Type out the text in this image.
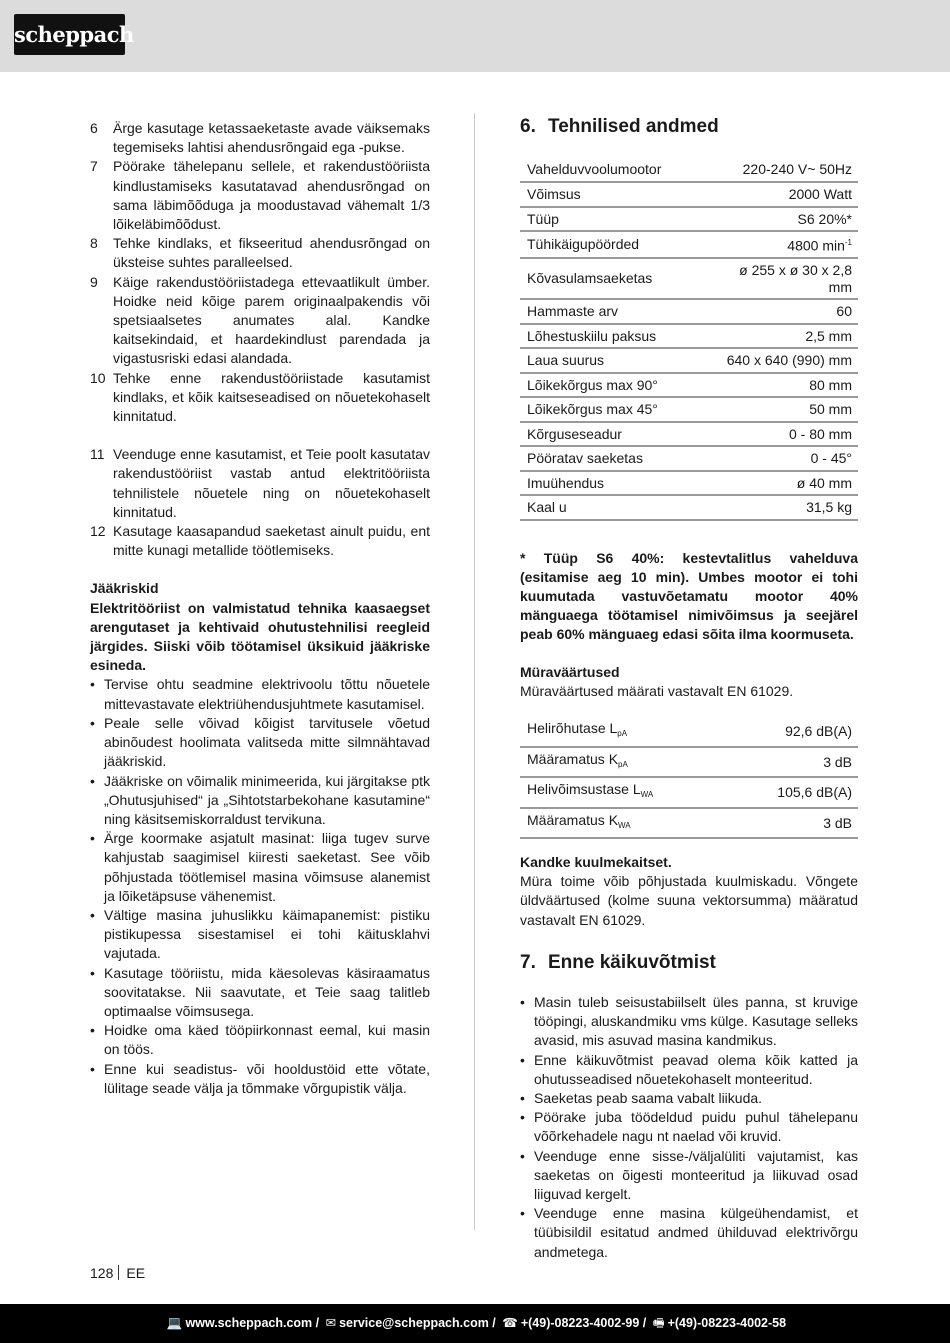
scheppach
6	Ärge kasutage ketassaeketaste avade väiksemaks tegemiseks lahtisi ahendusrõngaid ega -pukse.
7	Pöörake tähelepanu sellele, et rakendustööriista kindlustamiseks kasutatavad ahendusrõngad on sama läbimõõduga ja moodustavad vähemalt 1/3 lõikeläbimõõdust.
8	Tehke kindlaks, et fikseeritud ahendusrõngad on üksteise suhtes paralleelsed.
9	Käige rakendustööriistadega ettevaatlikult ümber. Hoidke neid kõige parem originaalpakendis või spetsiaalsetes anumates alal. Kandke kaitsekindaid, et haardekindlust parendada ja vigastusriski edasi alandada.
10 Tehke enne rakendustööriistade kasutamist kindlaks, et kõik kaitseseadised on nõuetekohaselt kinnitatud.
11 Veenduge enne kasutamist, et Teie poolt kasutatav rakendustööriist vastab antud elektritööriista tehnilistele nõuetele ning on nõuetekohaselt kinnitatud.
12 Kasutage kaasapandud saeketast ainult puidu, ent mitte kunagi metallide töötlemiseks.
Jääkriskid
Elektritööriist on valmistatud tehnika kaasaegset arengutaset ja kehtivaid ohutustehnilisi reegleid järgides. Siiski võib töötamisel üksikuid jääkriske esineda.
• Tervise ohtu seadmine elektrivoolu tõttu nõuetele mittevastavate elektriühendusjuhtmete kasutamisel.
• Peale selle võivad kõigist tarvitusele võetud abinõudest hoolimata valitseda mitte silmnähtavad jääkriskid.
• Jääkriske on võimalik minimeerida, kui järgitakse ptk „Ohutusjuhised“ ja „Sihtotstarbekohane kasutamine“ ning käsitsemiskorraldust tervikuna.
• Ärge koormake asjatult masinat: liiga tugev surve kahjustab saagimisel kiiresti saeketast. See võib põhjustada töötlemisel masina võimsuse alanemist ja lõiketäpsuse vähenemist.
• Vältige masina juhuslikku käimapanemist: pistiku pistikupessa sisestamisel ei tohi käitusklahvi vajutada.
• Kasutage tööriistu, mida käesolevas käsiraamatus soovitatakse. Nii saavutate, et Teie saag talitleb optimaalse võimsusega.
• Hoidke oma käed tööpiirkonnast eemal, kui masin on töös.
• Enne kui seadistus- või hooldustöid ette võtate, lülitage seade välja ja tõmmake võrgupistik välja.
6. Tehnilised andmed
Vahelduvvoolumootor	220-240 V~ 50Hz
Võimsus	2000 Watt
Tüüp	S6 20%*
Tühikäigupöörded	4800 $\min^{-1}$
Kõvasulamsaeketas	ø 255 x ø 30 x 2,8 mm
Hammaste arv	60
Lõhestuskiilu paksus	2,5 mm
Laua suurus	640 x 640 (990) mm
Lõikekõrgus max 90°	80 mm
Lõikekõrgus max 45°	50 mm
Kõrguseseadur	0 - 80 mm
Pööratav saeketas	0 - 45°
Imuühendus	ø 40 mm
Kaal u	31,5 kg
* Tüüp S6 40%: kestevtalitlus vahelduva (esitamise aeg 10 min). Umbes mootor ei tohi kuumutada vastuvõetamatu mootor 40% mänguaega töötamisel nimivõimsus ja seejärel peab 60% mänguaeg edasi sõita ilma koormuseta.
Müraväärtused
Müraväärtused määrati vastavalt EN 61029.
Helirõhutase $L_{pA}$	92,6 dB(A)
Määramatus $K_{pA}$	3 dB
Helivõimsustase $L_{WA}$	105,6 dB(A)
Määramatus $K_{WA}$	3 dB
Kandke kuulmekaitset.
Müra toime võib põhjustada kuulmiskadu. Võngete üldväärtused (kolme suuna vektorsumma) määratud vastavalt EN 61029.
7. Enne käikuvõtmist
• Masin tuleb seisustabiilselt üles panna, st kruvige tööpingi, aluskandmiku vms külge. Kasutage selleks avasid, mis asuvad masina kandmikus.
• Enne käikuvõtmist peavad olema kõik katted ja ohutusseadised nõuetekohaselt monteeritud.
• Saeketas peab saama vabalt liikuda.
• Pöörake juba töödeldud puidu puhul tähelepanu võõrkehadele nagu nt naelad või kruvid.
• Veenduge enne sisse-/väljalüliti vajutamist, kas saeketas on õigesti monteeritud ja liikuvad osad liiguvad kergelt.
• Veenduge enne masina külgeühendamist, et tüübisildil esitatud andmed ühilduvad elektrivõrgu andmetega.
128 EE
💻 www.scheppach.com / ✉ service@scheppach.com / ☎ +(49)-08223-4002-99 / 🖷 +(49)-08223-4002-58
